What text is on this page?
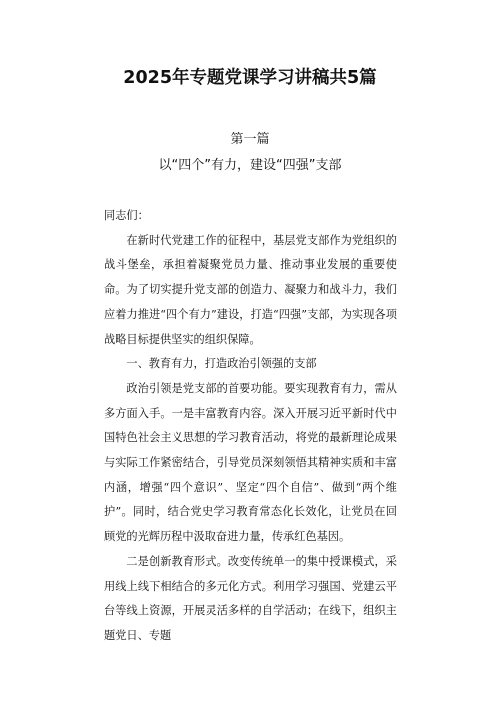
2025年专题党课学习讲稿共5篇
第一篇
以“四个”有力，建设“四强”支部

同志们：

在新时代党建工作的征程中，基层党支部作为党组织的战斗堡垒，承担着凝聚党员力量、推动事业发展的重要使命。为了切实提升党支部的创造力、凝聚力和战斗力，我们应着力推进“四个有力”建设，打造“四强”支部，为实现各项战略目标提供坚实的组织保障。

一、教育有力，打造政治引领强的支部

政治引领是党支部的首要功能。要实现教育有力，需从多方面入手。一是丰富教育内容。深入开展习近平新时代中国特色社会主义思想的学习教育活动，将党的最新理论成果与实际工作紧密结合，引导党员深刻领悟其精神实质和丰富内涵，增强“四个意识”、坚定“四个自信”、做到“两个维护”。同时，结合党史学习教育常态化长效化，让党员在回顾党的光辉历程中汲取奋进力量，传承红色基因。

二是创新教育形式。改变传统单一的集中授课模式，采用线上线下相结合的多元化方式。利用学习强国、党建云平台等线上资源，开展灵活多样的自学活动；在线下，组织主题党日、专题
